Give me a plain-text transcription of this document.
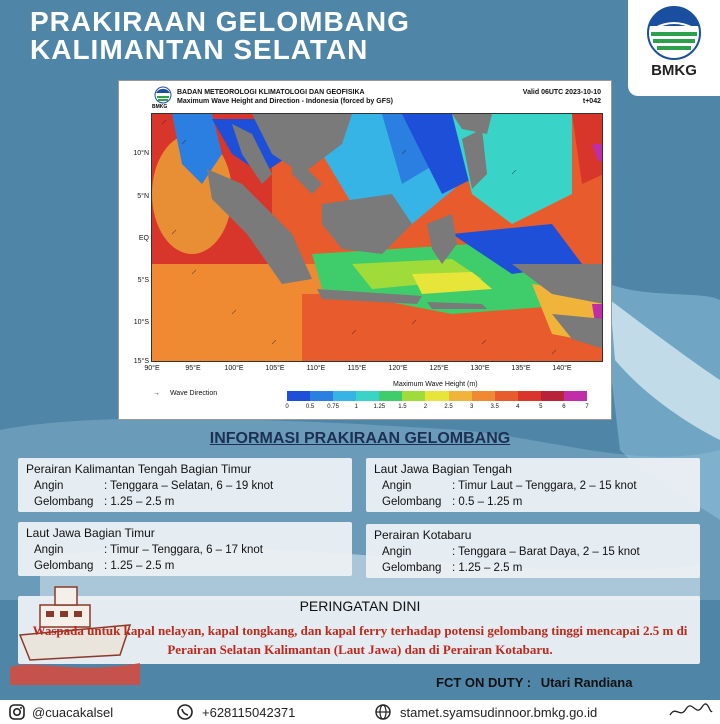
PRAKIRAAN GELOMBANG
KALIMANTAN SELATAN
BMKG
BMKG
BADAN METEOROLOGI KLIMATOLOGI DAN GEOFISIKA
Maximum Wave Height and Direction - Indonesia (forced by GFS)
Valid 06UTC 2023-10-10
t+042
10°N
5°N
EQ
5°S
10°S
15°S
90°E	95°E	100°E	105°E	110°E	115°E	120°E	125°E	130°E	135°E	140°E
→ Wave Direction
Maximum Wave Height (m)
0	0.5 0.75	1	1.25 1.5	2	2.5	3	3.5	4	5	6	7
INFORMASI PRAKIRAAN GELOMBANG
Perairan Kalimantan Tengah Bagian Timur
Angin	: Tenggara – Selatan, 6 – 19 knot
Gelombang : 1.25 – 2.5 m
Laut Jawa Bagian Tengah
Angin	: Timur Laut – Tenggara, 2 – 15 knot
Gelombang : 0.5 – 1.25 m
Laut Jawa Bagian Timur
Angin	: Timur – Tenggara, 6 – 17 knot
Gelombang : 1.25 – 2.5 m
Perairan Kotabaru
Angin	: Tenggara – Barat Daya, 2 – 15 knot
Gelombang : 1.25 – 2.5 m
PERINGATAN DINI
Waspada untuk kapal nelayan, kapal tongkang, dan kapal ferry terhadap potensi gelombang tinggi mencapai 2.5 m di Perairan Selatan Kalimantan (Laut Jawa) dan di Perairan Kotabaru.
FCT ON DUTY : Utari Randiana
@cuacakalsel	+628115042371	stamet.syamsudinnoor.bmkg.go.id
